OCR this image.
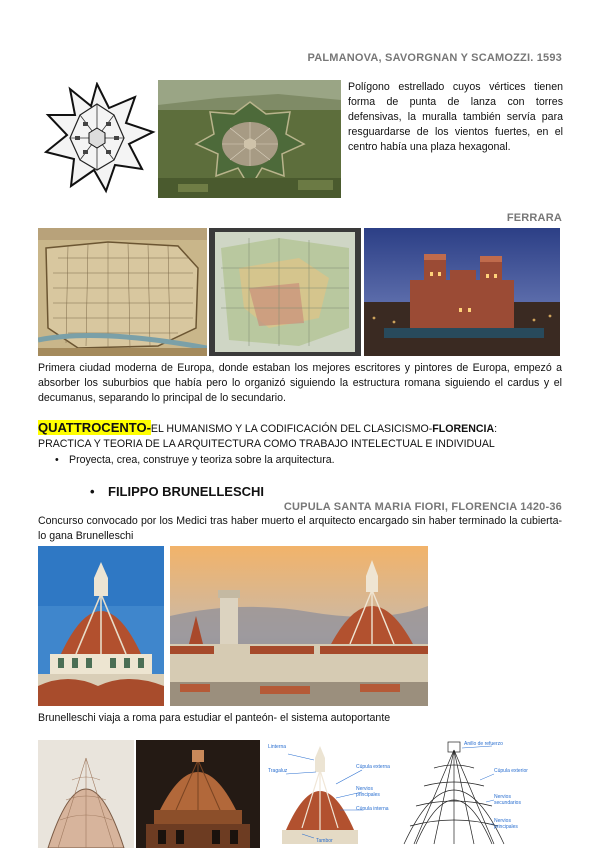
PALMANOVA, SAVORGNAN Y SCAMOZZI. 1593
Polígono estrellado cuyos vértices tienen forma de punta de lanza con torres defensivas, la muralla también servía para resguardarse de los vientos fuertes, en el centro había una plaza hexagonal.
FERRARA
Primera ciudad moderna de Europa, donde estaban los mejores escritores y pintores de Europa, empezó a absorber los suburbios que había pero lo organizó siguiendo la estructura romana siguiendo el cardus y el decumanus, separando lo principal de lo secundario.
QUATTROCENTO-EL HUMANISMO Y LA CODIFICACIÓN DEL CLASICISMO-FLORENCIA:
PRACTICA Y TEORIA DE LA ARQUITECTURA COMO TRABAJO INTELECTUAL E INDIVIDUAL
• Proyecta, crea, construye y teoriza sobre la arquitectura.
• FILIPPO BRUNELLESCHI
CUPULA SANTA MARIA FIORI, FLORENCIA 1420-36
Concurso convocado por los Medici tras haber muerto el arquitecto encargado sin haber terminado la cubierta- lo gana Brunelleschi
Brunelleschi viaja a roma para estudiar el panteón- el sistema autoportante
Linterna
Tragaluz
Cúpula externa
Nervios principales
Cúpula interna
Tambor
Anillo de refuerzo
Cúpula exterior
Nervios secundarios
Nervios principales
